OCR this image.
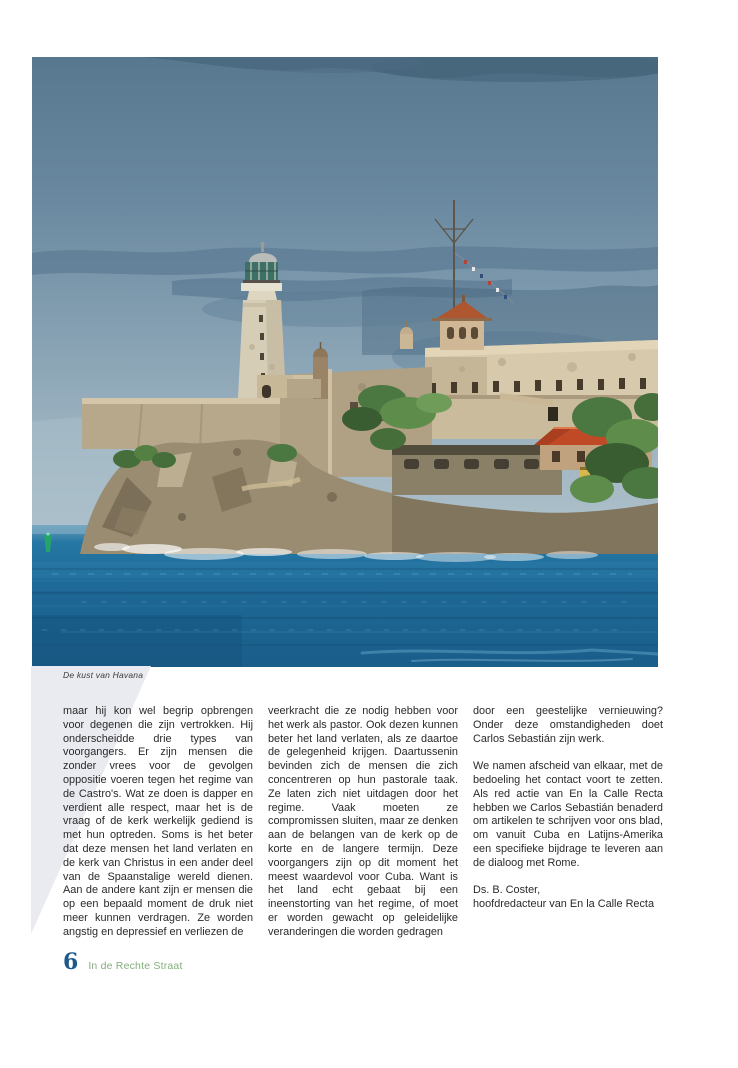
De kust van Havana

maar hij kon wel begrip opbrengen voor degenen die zijn vertrokken. Hij onderscheidde drie types van voorgangers. Er zijn mensen die zonder vrees voor de gevolgen oppositie voeren tegen het regime van de Castro's. Wat ze doen is dapper en verdient alle respect, maar het is de vraag of de kerk werkelijk gediend is met hun optreden. Soms is het beter dat deze mensen het land verlaten en de kerk van Christus in een ander deel van de Spaanstalige wereld dienen. Aan de andere kant zijn er mensen die op een bepaald moment de druk niet meer kunnen verdragen. Ze worden angstig en depressief en verliezen de

veerkracht die ze nodig hebben voor het werk als pastor. Ook dezen kunnen beter het land verlaten, als ze daartoe de gelegenheid krijgen. Daartussenin bevinden zich de mensen die zich concentreren op hun pastorale taak. Ze laten zich niet uitdagen door het regime. Vaak moeten ze compromissen sluiten, maar ze denken aan de belangen van de kerk op de korte en de langere termijn. Deze voorgangers zijn op dit moment het meest waardevol voor Cuba. Want is het land echt gebaat bij een ineenstorting van het regime, of moet er worden gewacht op geleidelijke veranderingen die worden gedragen

door een geestelijke vernieuwing? Onder deze omstandigheden doet Carlos Sebastián zijn werk.

We namen afscheid van elkaar, met de bedoeling het contact voort te zetten. Als red actie van En la Calle Recta hebben we Carlos Sebastián benaderd om artikelen te schrijven voor ons blad, om vanuit Cuba en Latijns-Amerika een specifieke bijdrage te leveren aan de dialoog met Rome.

Ds. B. Coster,

hoofdredacteur van En la Calle Recta

6 In de Rechte Straat
